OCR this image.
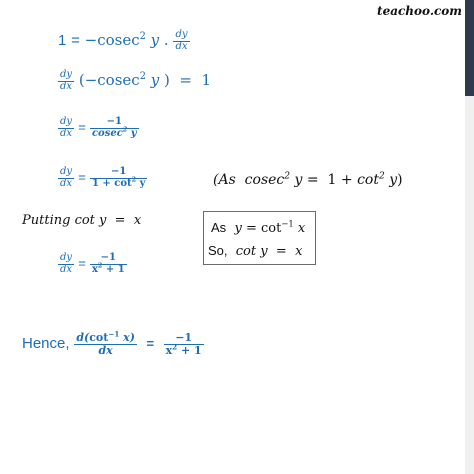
teachoo.com
1 = −cosec$^2$ y . $\frac{dy}{dx}$
$\frac{dy}{dx} (-cosec^2$ y ) = 1
$\frac{dy}{dx} = \frac{-1}{cosec^2 y}$
$\frac{dy}{dx} = \frac{-1}{1 + \cot^2 y}$	(As cosec$^2$ $y = 1 + \cot^2 y$)
Putting cot y = x	As $y = \cot^{-1} x$
So, cot y = x
$\frac{dy}{dx} = \frac{-1}{x^2 + 1}$
Hence, $\frac{d(\cot^{-1} x)}{dx} = \frac{-1}{x^2 + 1}$
